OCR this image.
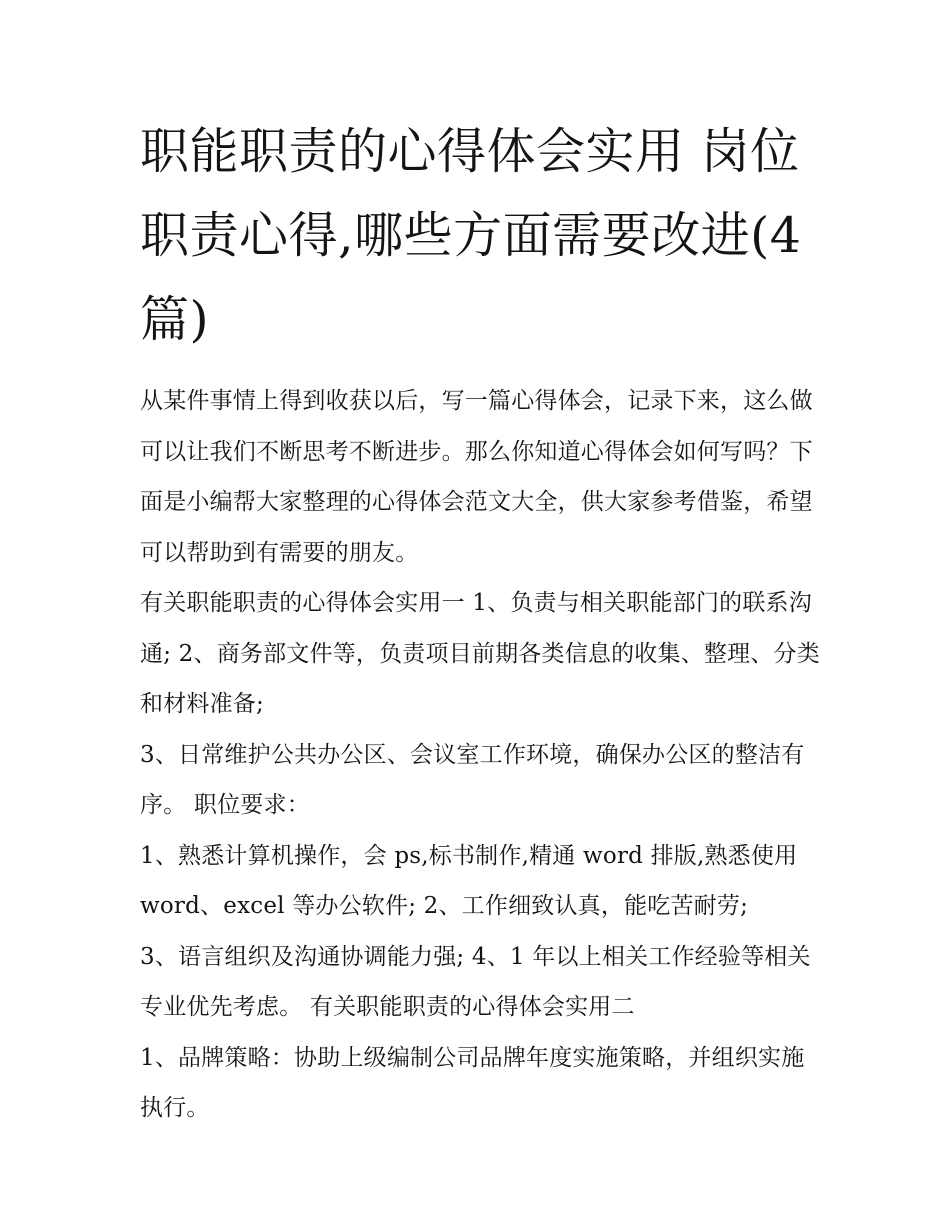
职能职责的心得体会实用 岗位职责心得,哪些方面需要改进(4篇)

从某件事情上得到收获以后，写一篇心得体会，记录下来，这么做可以让我们不断思考不断进步。那么你知道心得体会如何写吗？下面是小编帮大家整理的心得体会范文大全，供大家参考借鉴，希望可以帮助到有需要的朋友。

有关职能职责的心得体会实用一 1、负责与相关职能部门的联系沟通; 2、商务部文件等，负责项目前期各类信息的收集、整理、分类和材料准备;

3、日常维护公共办公区、会议室工作环境，确保办公区的整洁有序。 职位要求：

1、熟悉计算机操作，会 ps,标书制作,精通 word 排版,熟悉使用 word、excel 等办公软件; 2、工作细致认真，能吃苦耐劳;

3、语言组织及沟通协调能力强; 4、1 年以上相关工作经验等相关专业优先考虑。 有关职能职责的心得体会实用二

1、品牌策略：协助上级编制公司品牌年度实施策略，并组织实施执行。
